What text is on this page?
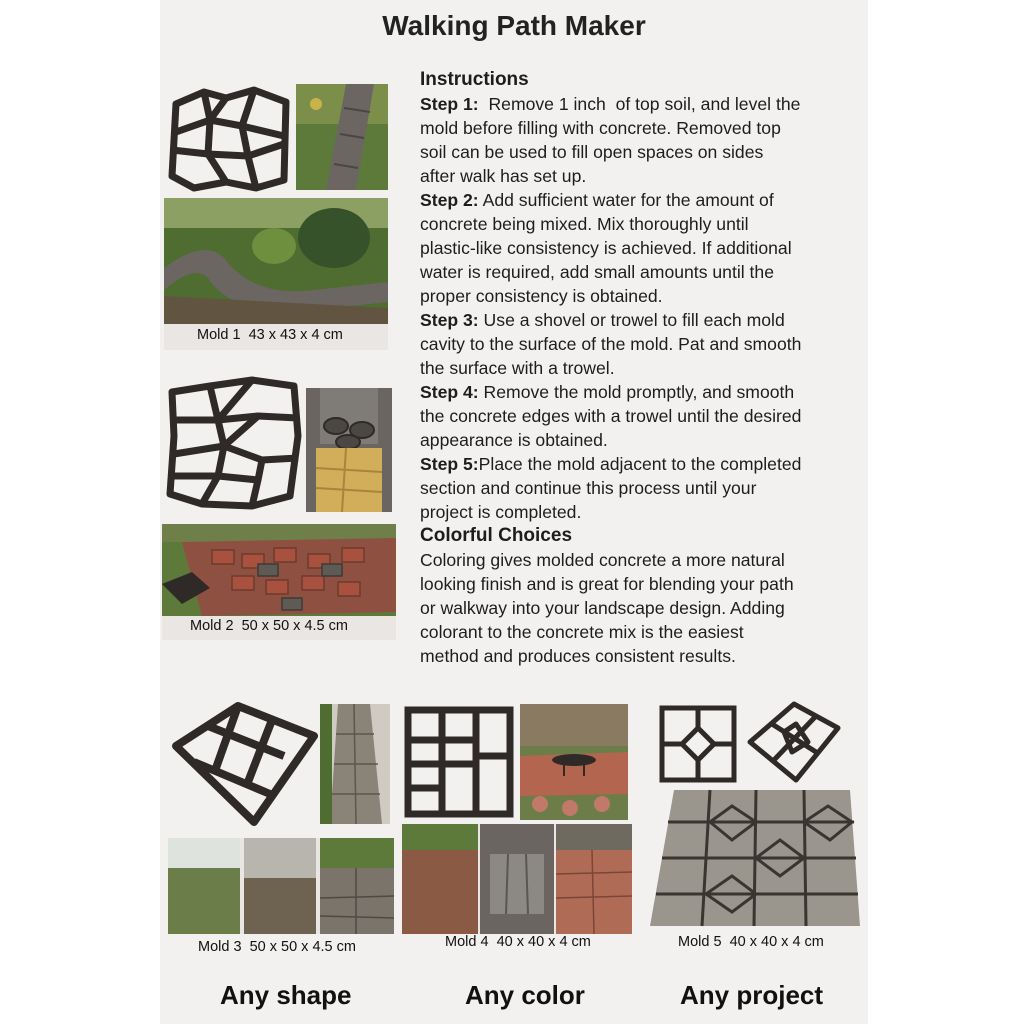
Walking Path Maker
Instructions
Step 1:  Remove 1 inch  of top soil, and level the
mold before filling with concrete. Removed top
soil can be used to fill open spaces on sides
after walk has set up.
Step 2: Add sufficient water for the amount of
concrete being mixed. Mix thoroughly until
plastic-like consistency is achieved. If additional
water is required, add small amounts until the
proper consistency is obtained.
Step 3: Use a shovel or trowel to fill each mold
cavity to the surface of the mold. Pat and smooth
the surface with a trowel.
Step 4: Remove the mold promptly, and smooth
the concrete edges with a trowel until the desired
appearance is obtained.
Step 5:Place the mold adjacent to the completed
section and continue this process until your
project is completed.
Colorful Choices
Coloring gives molded concrete a more natural
looking finish and is great for blending your path
or walkway into your landscape design. Adding
colorant to the concrete mix is the easiest
method and produces consistent results.
Mold 1  43 x 43 x 4 cm
Mold 2  50 x 50 x 4.5 cm
Mold 3  50 x 50 x 4.5 cm	Mold 4  40 x 40 x 4 cm	Mold 5  40 x 40 x 4 cm
Any shape	Any color	Any project
